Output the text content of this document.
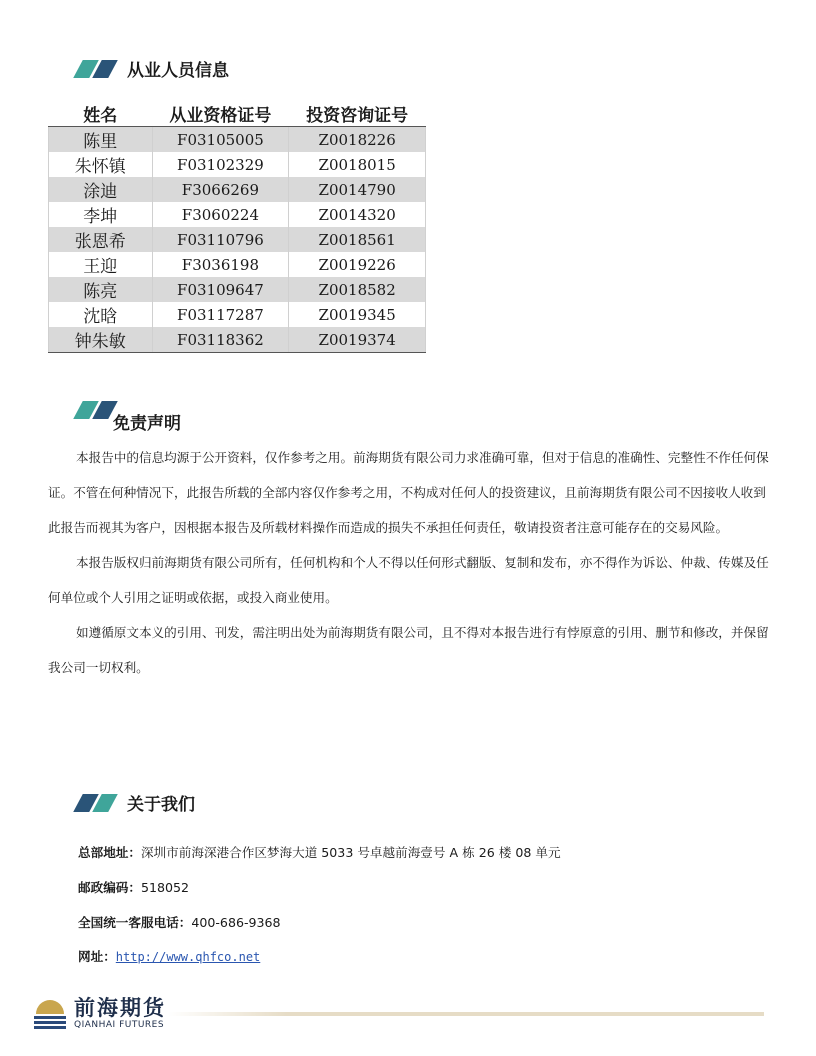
从业人员信息
姓名	从业资格证号	投资咨询证号
陈里	F03105005	Z0018226
朱怀镇	F03102329	Z0018015
涂迪	F3066269	Z0014790
李坤	F3060224	Z0014320
张恩希	F03110796	Z0018561
王迎	F3036198	Z0019226
陈亮	F03109647	Z0018582
沈晗	F03117287	Z0019345
钟朱敏	F03118362	Z0019374
免责声明

本报告中的信息均源于公开资料，仅作参考之用。前海期货有限公司力求准确可靠，但对于信息的准确性、完整性不作任何保证。不管在何种情况下，此报告所载的全部内容仅作参考之用，不构成对任何人的投资建议，且前海期货有限公司不因接收人收到此报告而视其为客户，因根据本报告及所载材料操作而造成的损失不承担任何责任，敬请投资者注意可能存在的交易风险。

本报告版权归前海期货有限公司所有，任何机构和个人不得以任何形式翻版、复制和发布，亦不得作为诉讼、仲裁、传媒及任何单位或个人引用之证明或依据，或投入商业使用。

如遵循原文本义的引用、刊发，需注明出处为前海期货有限公司，且不得对本报告进行有悖原意的引用、删节和修改，并保留我公司一切权利。

关于我们
总部地址：深圳市前海深港合作区梦海大道 5033 号卓越前海壹号 A 栋 26 楼 08 单元
邮政编码：518052
全国统一客服电话：400-686-9368
网址：http://www.qhfco.net
前海期货
QIANHAI FUTURES
